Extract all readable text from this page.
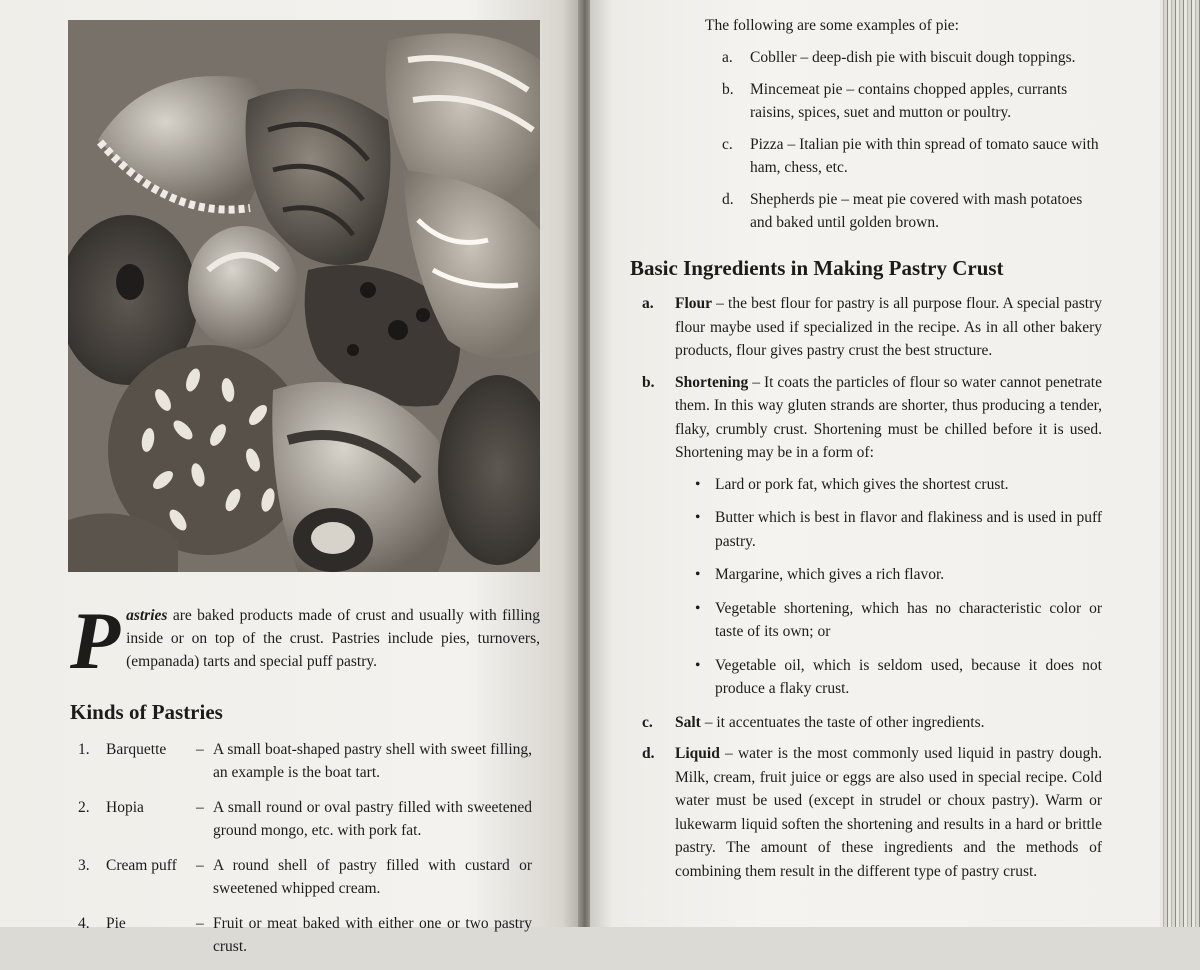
Pastries are baked products made of crust and usually with filling inside or on top of the crust. Pastries include pies, turnovers, (empanada) tarts and special puff pastry.
Kinds of Pastries
1. Barquette – A small boat-shaped pastry shell with sweet filling, an example is the boat tart.
2. Hopia	– A small round or oval pastry filled with sweetened ground mongo, etc. with pork fat.
3. Cream puff – A round shell of pastry filled with custard or sweetened whipped cream.
4. Pie	– Fruit or meat baked with either one or two pastry crust.
The following are some examples of pie:
a. Cobller – deep-dish pie with biscuit dough toppings.
b. Mincemeat pie – contains chopped apples, currants raisins, spices, suet and mutton or poultry.
c. Pizza – Italian pie with thin spread of tomato sauce with ham, chess, etc.
d. Shepherds pie – meat pie covered with mash potatoes and baked until golden brown.
Basic Ingredients in Making Pastry Crust
a. Flour – the best flour for pastry is all purpose flour. A special pastry flour maybe used if specialized in the recipe. As in all other bakery products, flour gives pastry crust the best structure.
b. Shortening – It coats the particles of flour so water cannot penetrate them. In this way gluten strands are shorter, thus producing a tender, flaky, crumbly crust. Shortening must be chilled before it is used. Shortening may be in a form of:
• Lard or pork fat, which gives the shortest crust.
• Butter which is best in flavor and flakiness and is used in puff pastry.
• Margarine, which gives a rich flavor.
• Vegetable shortening, which has no characteristic color or taste of its own; or
• Vegetable oil, which is seldom used, because it does not produce a flaky crust.
c. Salt – it accentuates the taste of other ingredients.
d. Liquid – water is the most commonly used liquid in pastry dough. Milk, cream, fruit juice or eggs are also used in special recipe. Cold water must be used (except in strudel or choux pastry). Warm or lukewarm liquid soften the shortening and results in a hard or brittle pastry. The amount of these ingredients and the methods of combining them result in the different type of pastry crust.
